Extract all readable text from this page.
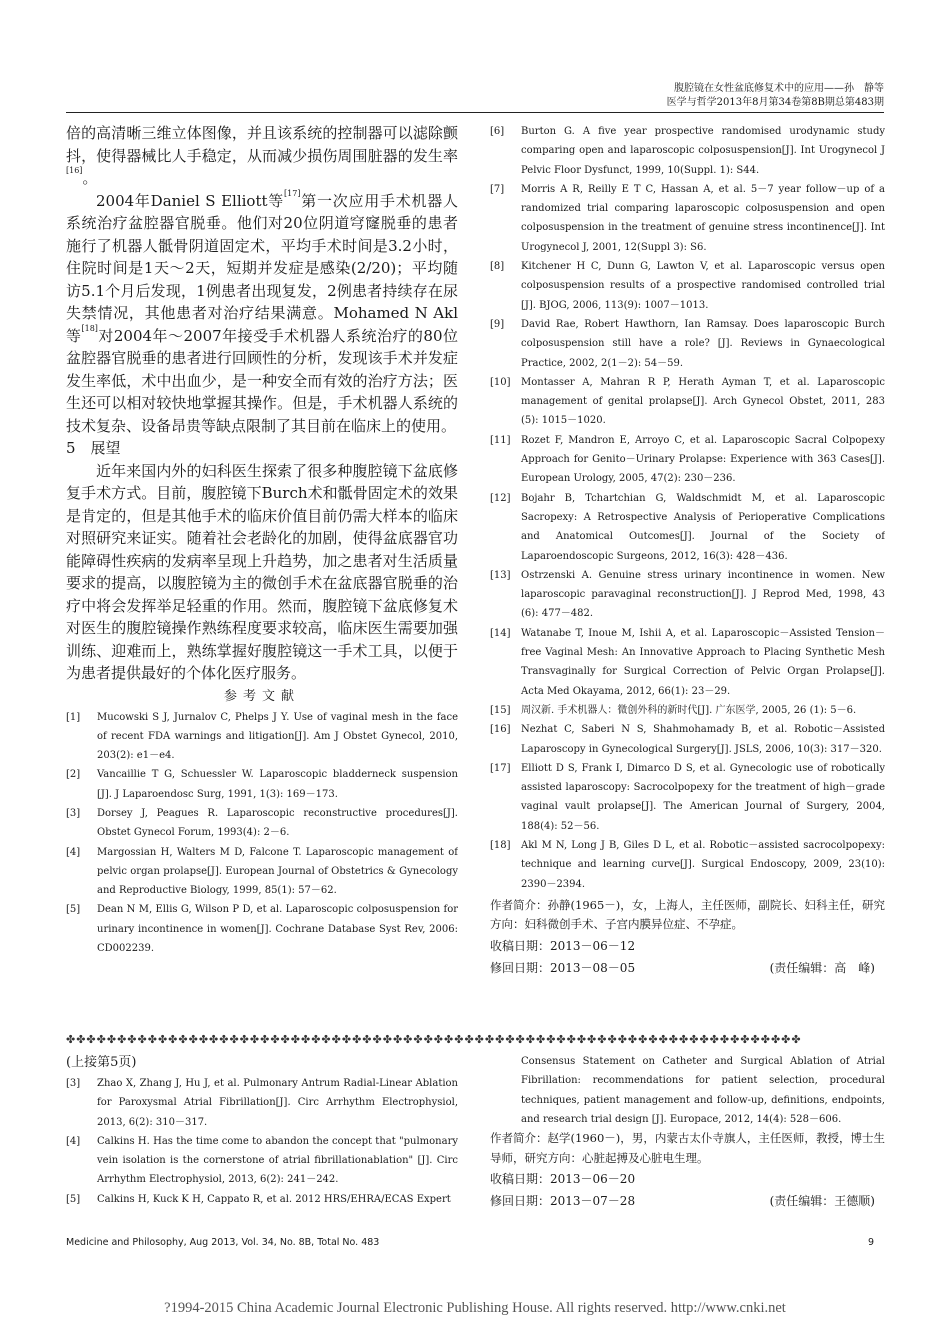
腹腔镜在女性盆底修复术中的应用——孙　静等
医学与哲学2013年8月第34卷第8B期总第483期

倍的高清晰三维立体图像，并且该系统的控制器可以滤除颤抖，使得器械比人手稳定，从而减少损伤周围脏器的发生率[16]。

2004年Daniel S Elliott等[17]第一次应用手术机器人系统治疗盆腔器官脱垂。他们对20位阴道穹窿脱垂的患者施行了机器人骶骨阴道固定术，平均手术时间是3.2小时，住院时间是1天～2天，短期并发症是感染(2/20)；平均随访5.1个月后发现，1例患者出现复发，2例患者持续存在尿失禁情况，其他患者对治疗结果满意。Mohamed N Akl等[18]对2004年～2007年接受手术机器人系统治疗的80位盆腔器官脱垂的患者进行回顾性的分析，发现该手术并发症发生率低，术中出血少，是一种安全而有效的治疗方法；医生还可以相对较快地掌握其操作。但是，手术机器人系统的技术复杂、设备昂贵等缺点限制了其目前在临床上的使用。

5　展望

近年来国内外的妇科医生探索了很多种腹腔镜下盆底修复手术方式。目前，腹腔镜下Burch术和骶骨固定术的效果是肯定的，但是其他手术的临床价值目前仍需大样本的临床对照研究来证实。随着社会老龄化的加剧，使得盆底器官功能障碍性疾病的发病率呈现上升趋势，加之患者对生活质量要求的提高，以腹腔镜为主的微创手术在盆底器官脱垂的治疗中将会发挥举足轻重的作用。然而，腹腔镜下盆底修复术对医生的腹腔镜操作熟练程度要求较高，临床医生需要加强训练、迎难而上，熟练掌握好腹腔镜这一手术工具，以便于为患者提供最好的个体化医疗服务。

参考文献

[1] Mucowski S J, Jurnalov C, Phelps J Y. Use of vaginal mesh in the face of recent FDA warnings and litigation[J]. Am J Obstet Gynecol, 2010, 203(2): e1－e4.

[2] Vancaillie T G, Schuessler W. Laparoscopic bladderneck suspension [J]. J Laparoendosc Surg, 1991, 1(3): 169－173.

[3] Dorsey J, Peagues R. Laparoscopic reconstructive procedures[J]. Obstet Gynecol Forum, 1993(4): 2－6.

[4] Margossian H, Walters M D, Falcone T. Laparoscopic management of pelvic organ prolapse[J]. European Journal of Obstetrics & Gynecology and Reproductive Biology, 1999, 85(1): 57－62.

[5] Dean N M, Ellis G, Wilson P D, et al. Laparoscopic colposuspension for urinary incontinence in women[J]. Cochrane Database Syst Rev, 2006: CD002239.

[6] Burton G. A five year prospective randomised urodynamic study comparing open and laparoscopic colposuspension[J]. Int Urogynecol J Pelvic Floor Dysfunct, 1999, 10(Suppl. 1): S44.

[7] Morris A R, Reilly E T C, Hassan A, et al. 5－7 year follow－up of a randomized trial comparing laparoscopic colposuspension and open colposuspension in the treatment of genuine stress incontinence[J]. Int Urogynecol J, 2001, 12(Suppl 3): S6.

[8] Kitchener H C, Dunn G, Lawton V, et al. Laparoscopic versus open colposuspension results of a prospective randomised controlled trial [J]. BJOG, 2006, 113(9): 1007－1013.

[9] David Rae, Robert Hawthorn, Ian Ramsay. Does laparoscopic Burch colposuspension still have a role? [J]. Reviews in Gynaecological Practice, 2002, 2(1－2): 54－59.

[10] Montasser A, Mahran R P, Herath Ayman T, et al. Laparoscopic management of genital prolapse[J]. Arch Gynecol Obstet, 2011, 283 (5): 1015－1020.

[11] Rozet F, Mandron E, Arroyo C, et al. Laparoscopic Sacral Colpopexy Approach for Genito－Urinary Prolapse: Experience with 363 Cases[J]. European Urology, 2005, 47(2): 230－236.

[12] Bojahr B, Tchartchian G, Waldschmidt M, et al. Laparoscopic Sacropexy: A Retrospective Analysis of Perioperative Complications and Anatomical Outcomes[J]. Journal of the Society of Laparoendoscopic Surgeons, 2012, 16(3): 428－436.

[13] Ostrzenski A. Genuine stress urinary incontinence in women. New laparoscopic paravaginal reconstruction[J]. J Reprod Med, 1998, 43 (6): 477－482.

[14] Watanabe T, Inoue M, Ishii A, et al. Laparoscopic－Assisted Tension－free Vaginal Mesh: An Innovative Approach to Placing Synthetic Mesh Transvaginally for Surgical Correction of Pelvic Organ Prolapse[J]. Acta Med Okayama, 2012, 66(1): 23－29.

[15] 周汉新. 手术机器人：微创外科的新时代[J]. 广东医学, 2005, 26 (1): 5－6.

[16] Nezhat C, Saberi N S, Shahmohamady B, et al. Robotic－Assisted Laparoscopy in Gynecological Surgery[J]. JSLS, 2006, 10(3): 317－320.

[17] Elliott D S, Frank I, Dimarco D S, et al. Gynecologic use of robotically assisted laparoscopy: Sacrocolpopexy for the treatment of high－grade vaginal vault prolapse[J]. The American Journal of Surgery, 2004, 188(4): 52－56.

[18] Akl M N, Long J B, Giles D L, et al. Robotic－assisted sacrocolpopexy: technique and learning curve[J]. Surgical Endoscopy, 2009, 23(10): 2390－2394.

作者简介：孙静(1965－)，女，上海人，主任医师，副院长、妇科主任，研究方向：妇科微创手术、子宫内膜异位症、不孕症。

收稿日期：2013－06－12

修回日期：2013－08－05	(责任编辑：高　峰)

✤✤✤✤✤✤✤✤✤✤✤✤✤✤✤✤✤✤✤✤✤✤✤✤✤✤✤✤✤✤✤✤✤✤✤✤✤✤✤✤✤✤✤✤✤✤✤✤✤✤✤✤✤✤✤✤✤✤✤✤✤✤✤✤✤✤✤✤✤✤✤✤

(上接第5页)

[3] Zhao X, Zhang J, Hu J, et al. Pulmonary Antrum Radial-Linear Ablation for Paroxysmal Atrial Fibrillation[J]. Circ Arrhythm Electrophysiol, 2013, 6(2): 310－317.

[4] Calkins H. Has the time come to abandon the concept that "pulmonary vein isolation is the cornerstone of atrial fibrillationablation" [J]. Circ Arrhythm Electrophysiol, 2013, 6(2): 241－242.

[5] Calkins H, Kuck K H, Cappato R, et al. 2012 HRS/EHRA/ECAS Expert

Consensus Statement on Catheter and Surgical Ablation of Atrial Fibrillation: recommendations for patient selection, procedural techniques, patient management and follow-up, definitions, endpoints, and research trial design [J]. Europace, 2012, 14(4): 528－606.

作者简介：赵学(1960－)，男，内蒙古太仆寺旗人，主任医师，教授，博士生导师，研究方向：心脏起搏及心脏电生理。

收稿日期：2013－06－20

修回日期：2013－07－28	(责任编辑：王德顺)

Medicine and Philosophy, Aug 2013, Vol. 34, No. 8B, Total No. 483	9
?1994-2015 China Academic Journal Electronic Publishing House. All rights reserved. http://www.cnki.net
